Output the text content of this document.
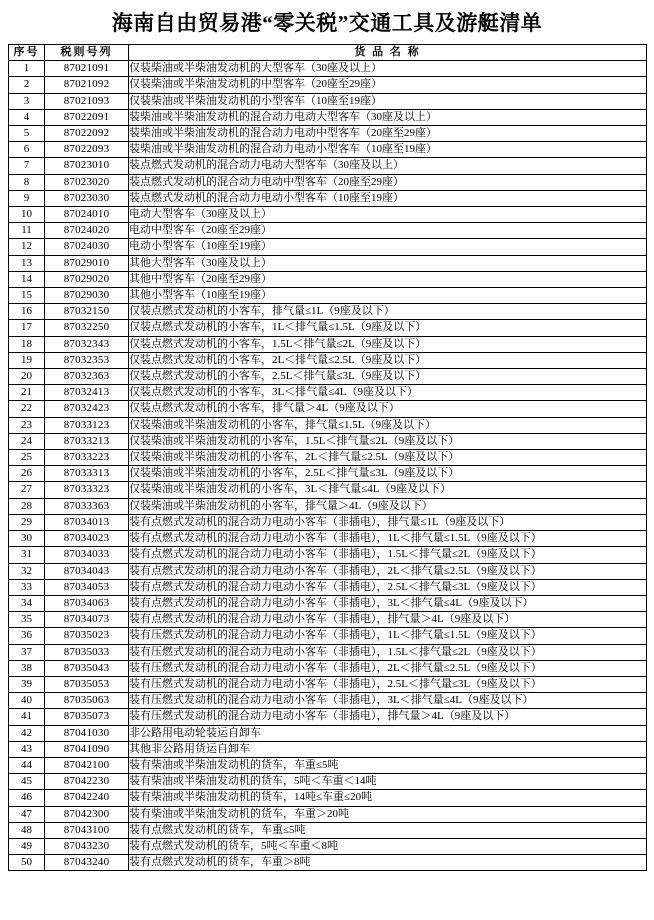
海南自由贸易港“零关税”交通工具及游艇清单
序号	税则号列	货 品 名 称
1	87021091	仅装柴油或半柴油发动机的大型客车（30座及以上）
2	87021092	仅装柴油或半柴油发动机的中型客车（20座至29座）
3	87021093	仅装柴油或半柴油发动机的小型客车（10座至19座）
4	87022091	装柴油或半柴油发动机的混合动力电动大型客车（30座及以上）
5	87022092	装柴油或半柴油发动机的混合动力电动中型客车（20座至29座）
6	87022093	装柴油或半柴油发动机的混合动力电动小型客车（10座至19座）
7	87023010	装点燃式发动机的混合动力电动大型客车（30座及以上）
8	87023020	装点燃式发动机的混合动力电动中型客车（20座至29座）
9	87023030	装点燃式发动机的混合动力电动小型客车（10座至19座）
10	87024010	电动大型客车（30座及以上）
11	87024020	电动中型客车（20座至29座）
12	87024030	电动小型客车（10座至19座）
13	87029010	其他大型客车（30座及以上）
14	87029020	其他中型客车（20座至29座）
15	87029030	其他小型客车（10座至19座）
16	87032150	仅装点燃式发动机的小客车，排气量≤1L（9座及以下）
17	87032250	仅装点燃式发动机的小客车，1L＜排气量≤1.5L（9座及以下）
18	87032343	仅装点燃式发动机的小客车，1.5L＜排气量≤2L（9座及以下）
19	87032353	仅装点燃式发动机的小客车，2L＜排气量≤2.5L（9座及以下）
20	87032363	仅装点燃式发动机的小客车，2.5L＜排气量≤3L（9座及以下）
21	87032413	仅装点燃式发动机的小客车，3L＜排气量≤4L（9座及以下）
22	87032423	仅装点燃式发动机的小客车，排气量＞4L（9座及以下）
23	87033123	仅装柴油或半柴油发动机的小客车，排气量≤1.5L（9座及以下）
24	87033213	仅装柴油或半柴油发动机的小客车，1.5L＜排气量≤2L（9座及以下）
25	87033223	仅装柴油或半柴油发动机的小客车，2L＜排气量≤2.5L（9座及以下）
26	87033313	仅装柴油或半柴油发动机的小客车，2.5L＜排气量≤3L（9座及以下）
27	87033323	仅装柴油或半柴油发动机的小客车，3L＜排气量≤4L（9座及以下）
28	87033363	仅装柴油或半柴油发动机的小客车，排气量＞4L（9座及以下）
29	87034013	装有点燃式发动机的混合动力电动小客车（非插电），排气量≤1L（9座及以下）
30	87034023	装有点燃式发动机的混合动力电动小客车（非插电），1L＜排气量≤1.5L（9座及以下）
31	87034033	装有点燃式发动机的混合动力电动小客车（非插电），1.5L＜排气量≤2L（9座及以下）
32	87034043	装有点燃式发动机的混合动力电动小客车（非插电），2L＜排气量≤2.5L（9座及以下）
33	87034053	装有点燃式发动机的混合动力电动小客车（非插电），2.5L＜排气量≤3L（9座及以下）
34	87034063	装有点燃式发动机的混合动力电动小客车（非插电），3L＜排气量≤4L（9座及以下）
35	87034073	装有点燃式发动机的混合动力电动小客车（非插电），排气量＞4L（9座及以下）
36	87035023	装有压燃式发动机的混合动力电动小客车（非插电），1L＜排气量≤1.5L（9座及以下）
37	87035033	装有压燃式发动机的混合动力电动小客车（非插电），1.5L＜排气量≤2L（9座及以下）
38	87035043	装有压燃式发动机的混合动力电动小客车（非插电），2L＜排气量≤2.5L（9座及以下）
39	87035053	装有压燃式发动机的混合动力电动小客车（非插电），2.5L＜排气量≤3L（9座及以下）
40	87035063	装有压燃式发动机的混合动力电动小客车（非插电），3L＜排气量≤4L（9座及以下）
41	87035073	装有压燃式发动机的混合动力电动小客车（非插电），排气量＞4L（9座及以下）
42	87041030	非公路用电动轮装运自卸车
43	87041090	其他非公路用货运自卸车
44	87042100	装有柴油或半柴油发动机的货车，车重≤5吨
45	87042230	装有柴油或半柴油发动机的货车，5吨＜车重＜14吨
46	87042240	装有柴油或半柴油发动机的货车，14吨≤车重≤20吨
47	87042300	装有柴油或半柴油发动机的货车，车重＞20吨
48	87043100	装有点燃式发动机的货车，车重≤5吨
49	87043230	装有点燃式发动机的货车，5吨＜车重＜8吨
50	87043240	装有点燃式发动机的货车，车重＞8吨
